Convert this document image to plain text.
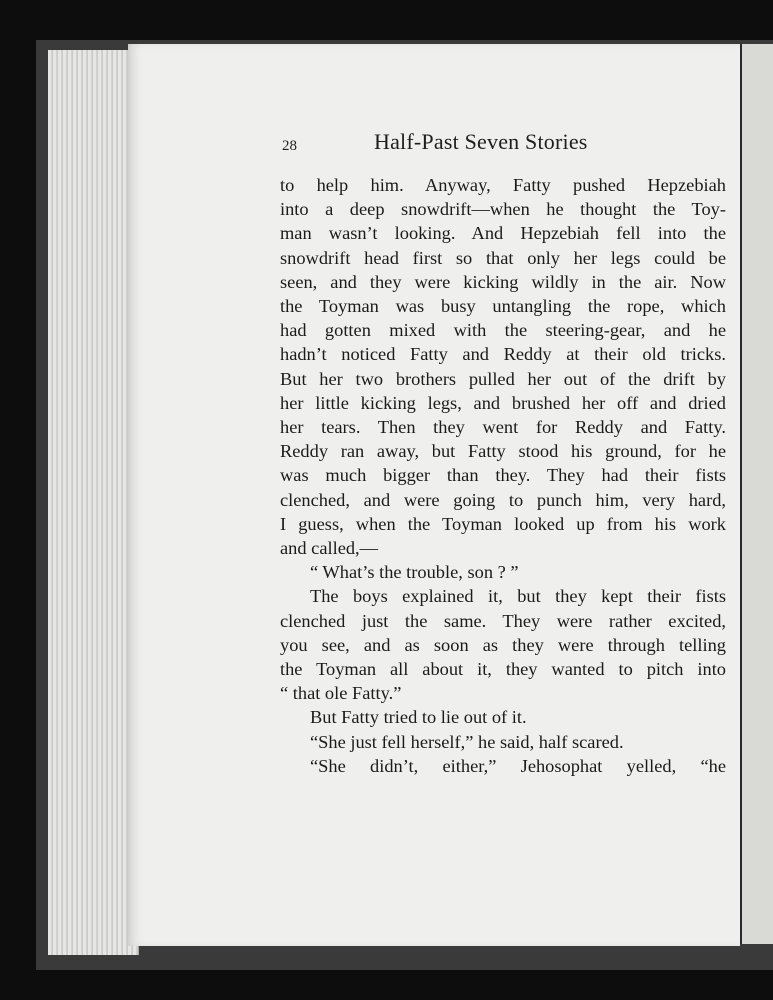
28	Half-Past Seven Stories
to help him. Anyway, Fatty pushed Hepzebiah
into a deep snowdrift—when he thought the Toy-
man wasn’t looking. And Hepzebiah fell into the
snowdrift head first so that only her legs could be
seen, and they were kicking wildly in the air. Now
the Toyman was busy untangling the rope, which
had gotten mixed with the steering-gear, and he
hadn’t noticed Fatty and Reddy at their old tricks.
But her two brothers pulled her out of the drift by
her little kicking legs, and brushed her off and dried
her tears. Then they went for Reddy and Fatty.
Reddy ran away, but Fatty stood his ground, for he
was much bigger than they. They had their fists
clenched, and were going to punch him, very hard,
I guess, when the Toyman looked up from his work
and called,—
“ What’s the trouble, son ? ”
The boys explained it, but they kept their fists
clenched just the same. They were rather excited,
you see, and as soon as they were through telling
the Toyman all about it, they wanted to pitch into
“ that ole Fatty.”
But Fatty tried to lie out of it.
“She just fell herself,” he said, half scared.
“She didn’t, either,” Jehosophat yelled, “he
